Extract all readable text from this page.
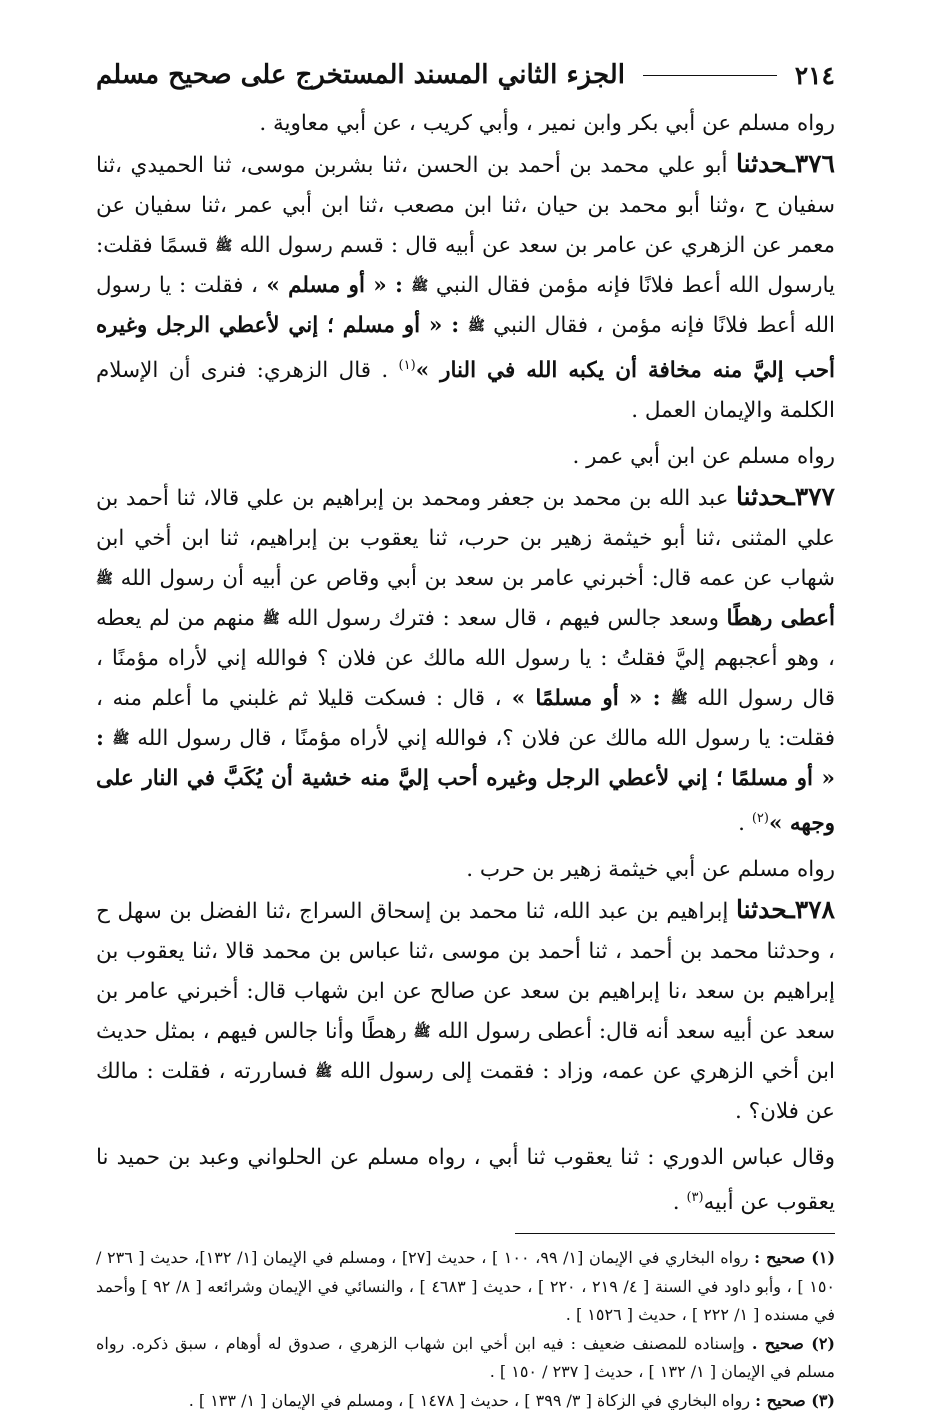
٢١٤
الجزء الثاني المسند المستخرج على صحيح مسلم

رواه مسلم عن أبي بكر وابن نمير ، وأبي كريب ، عن أبي معاوية .

٣٧٦ـحدثنا أبو علي محمد بن أحمد بن الحسن ،ثنا بشربن موسى، ثنا الحميدي ،ثنا سفيان ح ،وثنا أبو محمد بن حيان ،ثنا ابن مصعب ،ثنا ابن أبي عمر ،ثنا سفيان عن معمر عن الزهري عن عامر بن سعد عن أبيه قال : قسم رسول الله ﷺ قسمًا فقلت: يارسول الله أعط فلانًا فإنه مؤمن فقال النبي ﷺ : « أو مسلم » ، فقلت : يا رسول الله أعط فلانًا فإنه مؤمن ، فقال النبي ﷺ : « أو مسلم ؛ إني لأعطي الرجل وغيره أحب إليَّ منه مخافة أن يكبه الله في النار »$^{(١)}$ . قال الزهري: فنرى أن الإسلام الكلمة والإيمان العمل .

رواه مسلم عن ابن أبي عمر .

٣٧٧ـحدثنا عبد الله بن محمد بن جعفر ومحمد بن إبراهيم بن علي قالا، ثنا أحمد بن علي المثنى ،ثنا أبو خيثمة زهير بن حرب، ثنا يعقوب بن إبراهيم، ثنا ابن أخي ابن شهاب عن عمه قال: أخبرني عامر بن سعد بن أبي وقاص عن أبيه أن رسول الله ﷺ أعطى رهطًا وسعد جالس فيهم ، قال سعد : فترك رسول الله ﷺ منهم من لم يعطه ، وهو أعجبهم إليَّ فقلتُ : يا رسول الله مالك عن فلان ؟ فوالله إني لأراه مؤمنًا ، قال رسول الله ﷺ : « أو مسلمًا » ، قال : فسكت قليلا ثم غلبني ما أعلم منه ، فقلت: يا رسول الله مالك عن فلان ؟، فوالله إني لأراه مؤمنًا ، قال رسول الله ﷺ : « أو مسلمًا ؛ إني لأعطي الرجل وغيره أحب إليَّ منه خشية أن يُكَبَّ في النار على وجهه »$^{(٢)}$ .

رواه مسلم عن أبي خيثمة زهير بن حرب .

٣٧٨ـحدثنا إبراهيم بن عبد الله، ثنا محمد بن إسحاق السراج ،ثنا الفضل بن سهل ح ، وحدثنا محمد بن أحمد ، ثنا أحمد بن موسى ،ثنا عباس بن محمد قالا ،ثنا يعقوب بن إبراهيم بن سعد ،نا إبراهيم بن سعد عن صالح عن ابن شهاب قال: أخبرني عامر بن سعد عن أبيه سعد أنه قال: أعطى رسول الله ﷺ رهطًا وأنا جالس فيهم ، بمثل حديث ابن أخي الزهري عن عمه، وزاد : فقمت إلى رسول الله ﷺ فساررته ، فقلت : مالك عن فلان؟ .

وقال عباس الدوري : ثنا يعقوب ثنا أبي ، رواه مسلم عن الحلواني وعبد بن حميد نا يعقوب عن أبيه$^{(٣)}$ .

(١) صحيح : رواه البخاري في الإيمان [١/ ٩٩، ١٠٠ ] ، حديث [٢٧] ، ومسلم في الإيمان [١/ ١٣٢]، حديث [ ٢٣٦ / ١٥٠ ] ، وأبو داود في السنة [ ٤/ ٢١٩ ، ٢٢٠ ] ، حديث [ ٤٦٨٣ ] ، والنسائي في الإيمان وشرائعه [ ٨/ ٩٢ ] وأحمد في مسنده [ ١/ ٢٢٢ ] ، حديث [ ١٥٢٦ ] .

(٢) صحيح . وإسناده للمصنف ضعيف : فيه ابن أخي ابن شهاب الزهري ، صدوق له أوهام ، سبق ذكره. رواه مسلم في الإيمان [ ١/ ١٣٢ ] ، حديث [ ٢٣٧ / ١٥٠ ] .

(٣) صحيح : رواه البخاري في الزكاة [ ٣/ ٣٩٩ ] ، حديث [ ١٤٧٨ ] ، ومسلم في الإيمان [ ١/ ١٣٣ ] .
